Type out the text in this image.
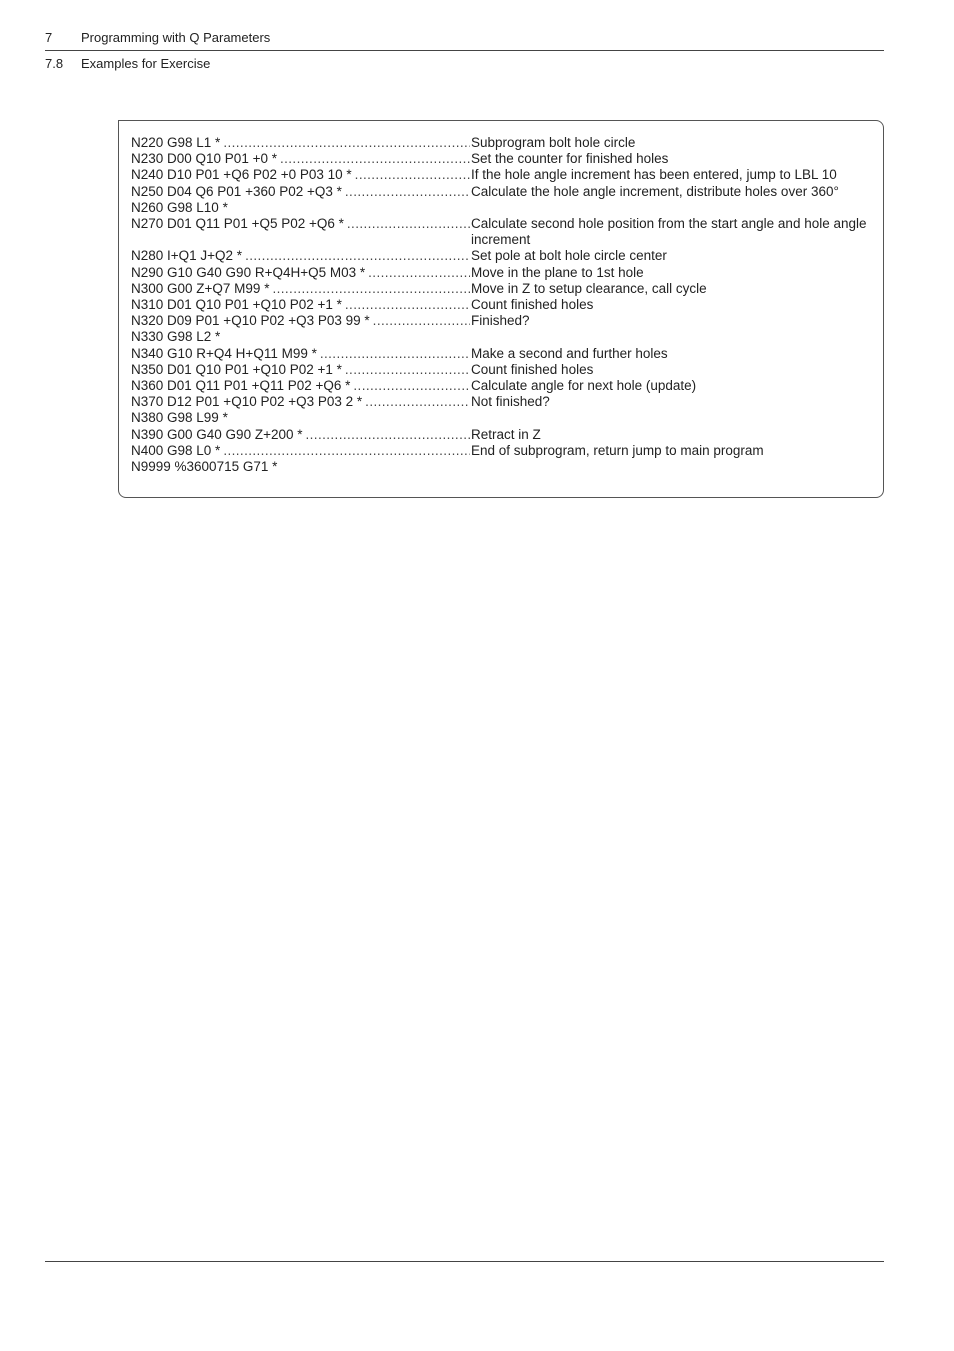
7 Programming with Q Parameters
7.8 Examples for Exercise
N220 G98 L1 * .....	Subprogram bolt hole circle
N230 D00 Q10 P01 +0 * .....	Set the counter for finished holes
N240 D10 P01 +Q6 P02 +0 P03 10 * .....	If the hole angle increment has been entered, jump to LBL 10
N250 D04 Q6 P01 +360 P02 +Q3 * .....	Calculate the hole angle increment, distribute holes over 360°
N260 G98 L10 *
N270 D01 Q11 P01 +Q5 P02 +Q6 * .....	Calculate second hole position from the start angle and hole angle increment
N280 I+Q1 J+Q2 * .....	Set pole at bolt hole circle center
N290 G10 G40 G90 R+Q4H+Q5 M03 * .....	Move in the plane to 1st hole
N300 G00 Z+Q7 M99 * .....	Move in Z to setup clearance, call cycle
N310 D01 Q10 P01 +Q10 P02 +1 * .....	Count finished holes
N320 D09 P01 +Q10 P02 +Q3 P03 99 * .....	Finished?
N330 G98 L2 *
N340 G10 R+Q4 H+Q11 M99 * .....	Make a second and further holes
N350 D01 Q10 P01 +Q10 P02 +1 * .....	Count finished holes
N360 D01 Q11 P01 +Q11 P02 +Q6 * .....	Calculate angle for next hole (update)
N370 D12 P01 +Q10 P02 +Q3 P03 2 * .....	Not finished?
N380 G98 L99 *
N390 G00 G40 G90 Z+200 * .....	Retract in Z
N400 G98 L0 * .....	End of subprogram, return jump to main program
N9999 %3600715 G71 *
